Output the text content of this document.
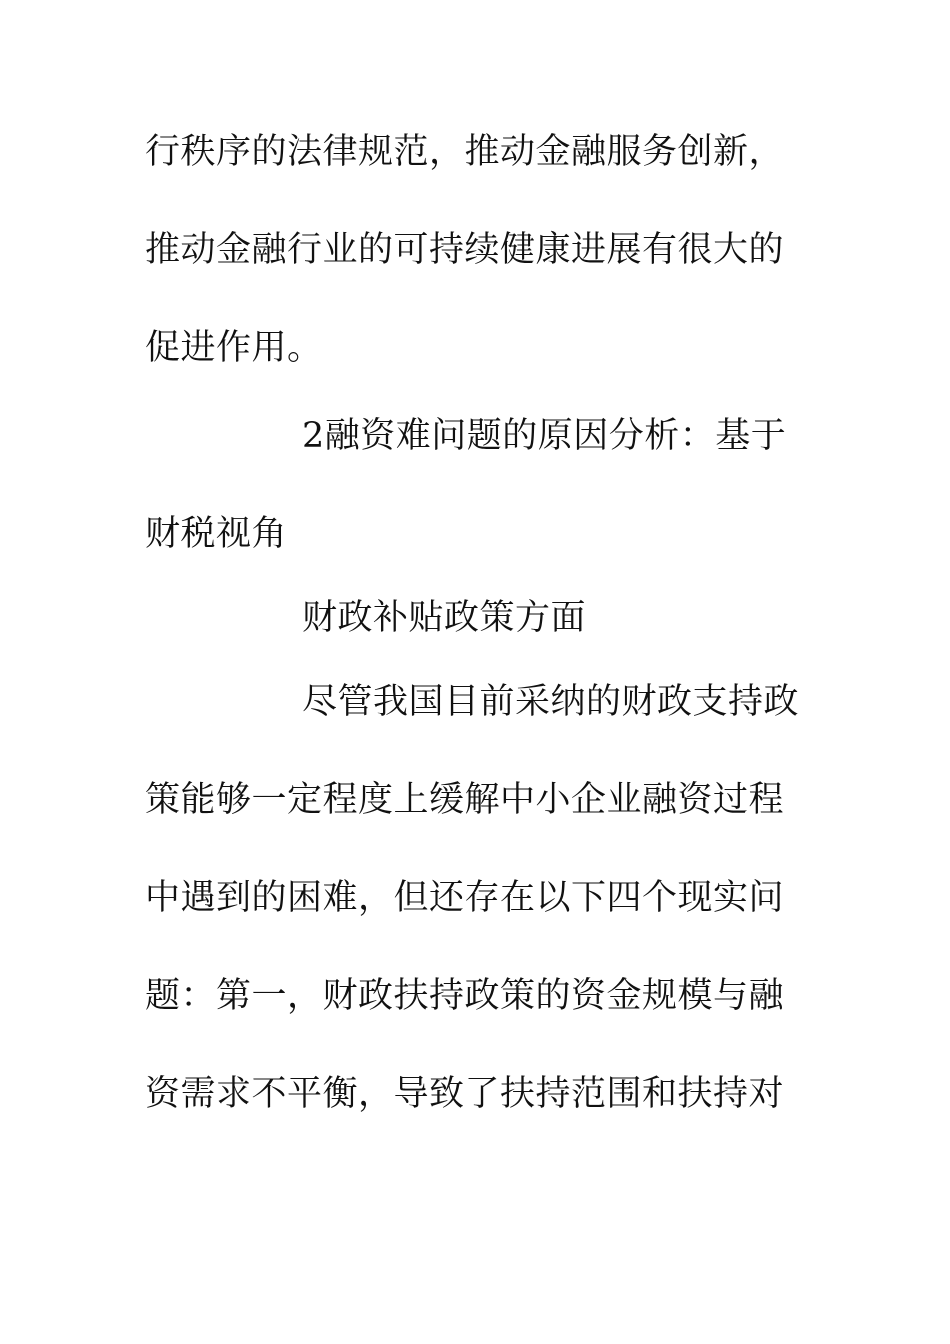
行秩序的法律规范，推动金融服务创新，
推动金融行业的可持续健康进展有很大的
促进作用。
2融资难问题的原因分析：基于
财税视角
财政补贴政策方面
尽管我国目前采纳的财政支持政
策能够一定程度上缓解中小企业融资过程
中遇到的困难，但还存在以下四个现实问
题：第一，财政扶持政策的资金规模与融
资需求不平衡，导致了扶持范围和扶持对
